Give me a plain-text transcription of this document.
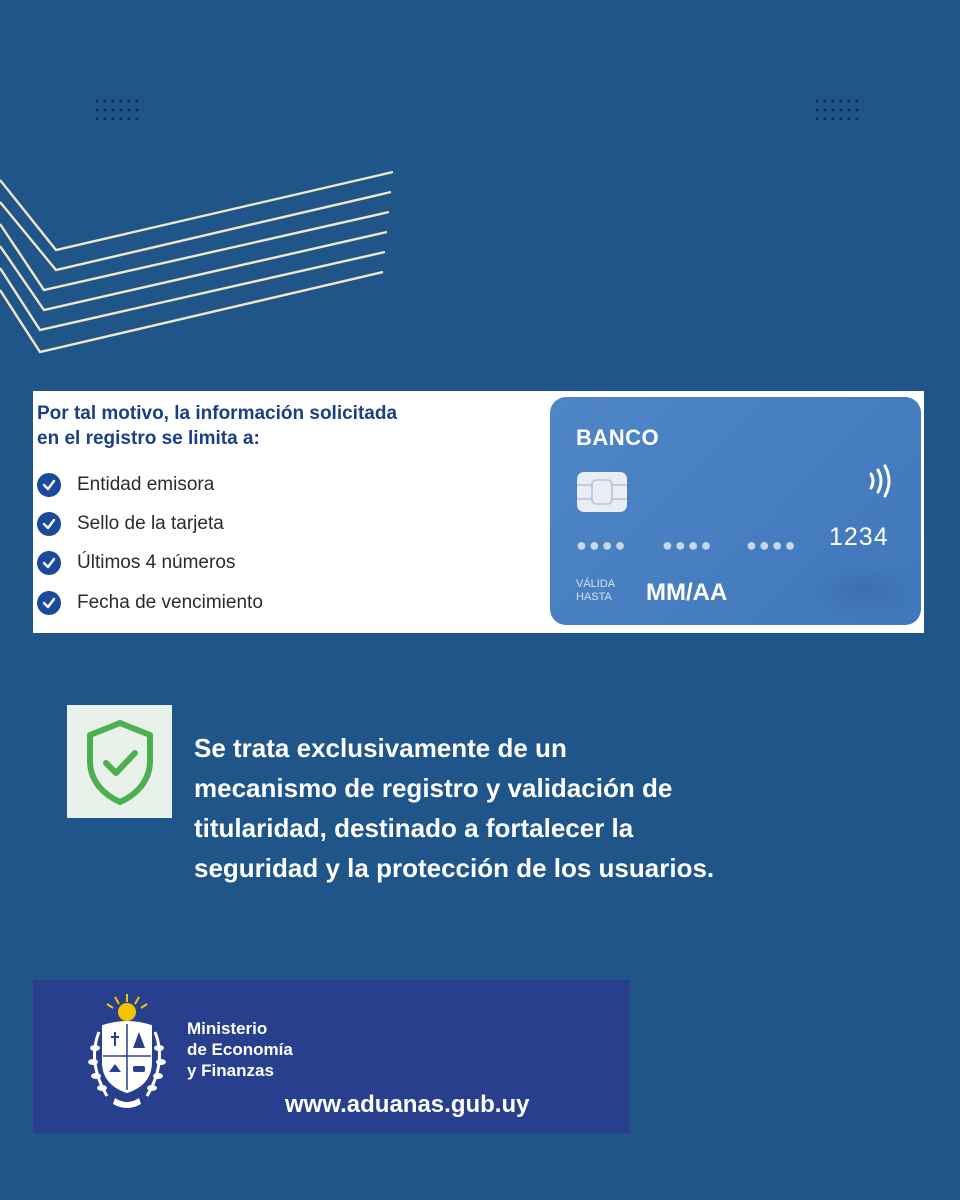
Por tal motivo, la información solicitada
en el registro se limita a:
Entidad emisora
Sello de la tarjeta
Últimos 4 números
Fecha de vencimiento
BANCO
●●●● ●●●● ●●●● 1234
VÁLIDA
HASTA MM/AA
Se trata exclusivamente de un
mecanismo de registro y validación de
titularidad, destinado a fortalecer la
seguridad y la protección de los usuarios.
Ministerio
de Economía
y Finanzas
www.aduanas.gub.uy
